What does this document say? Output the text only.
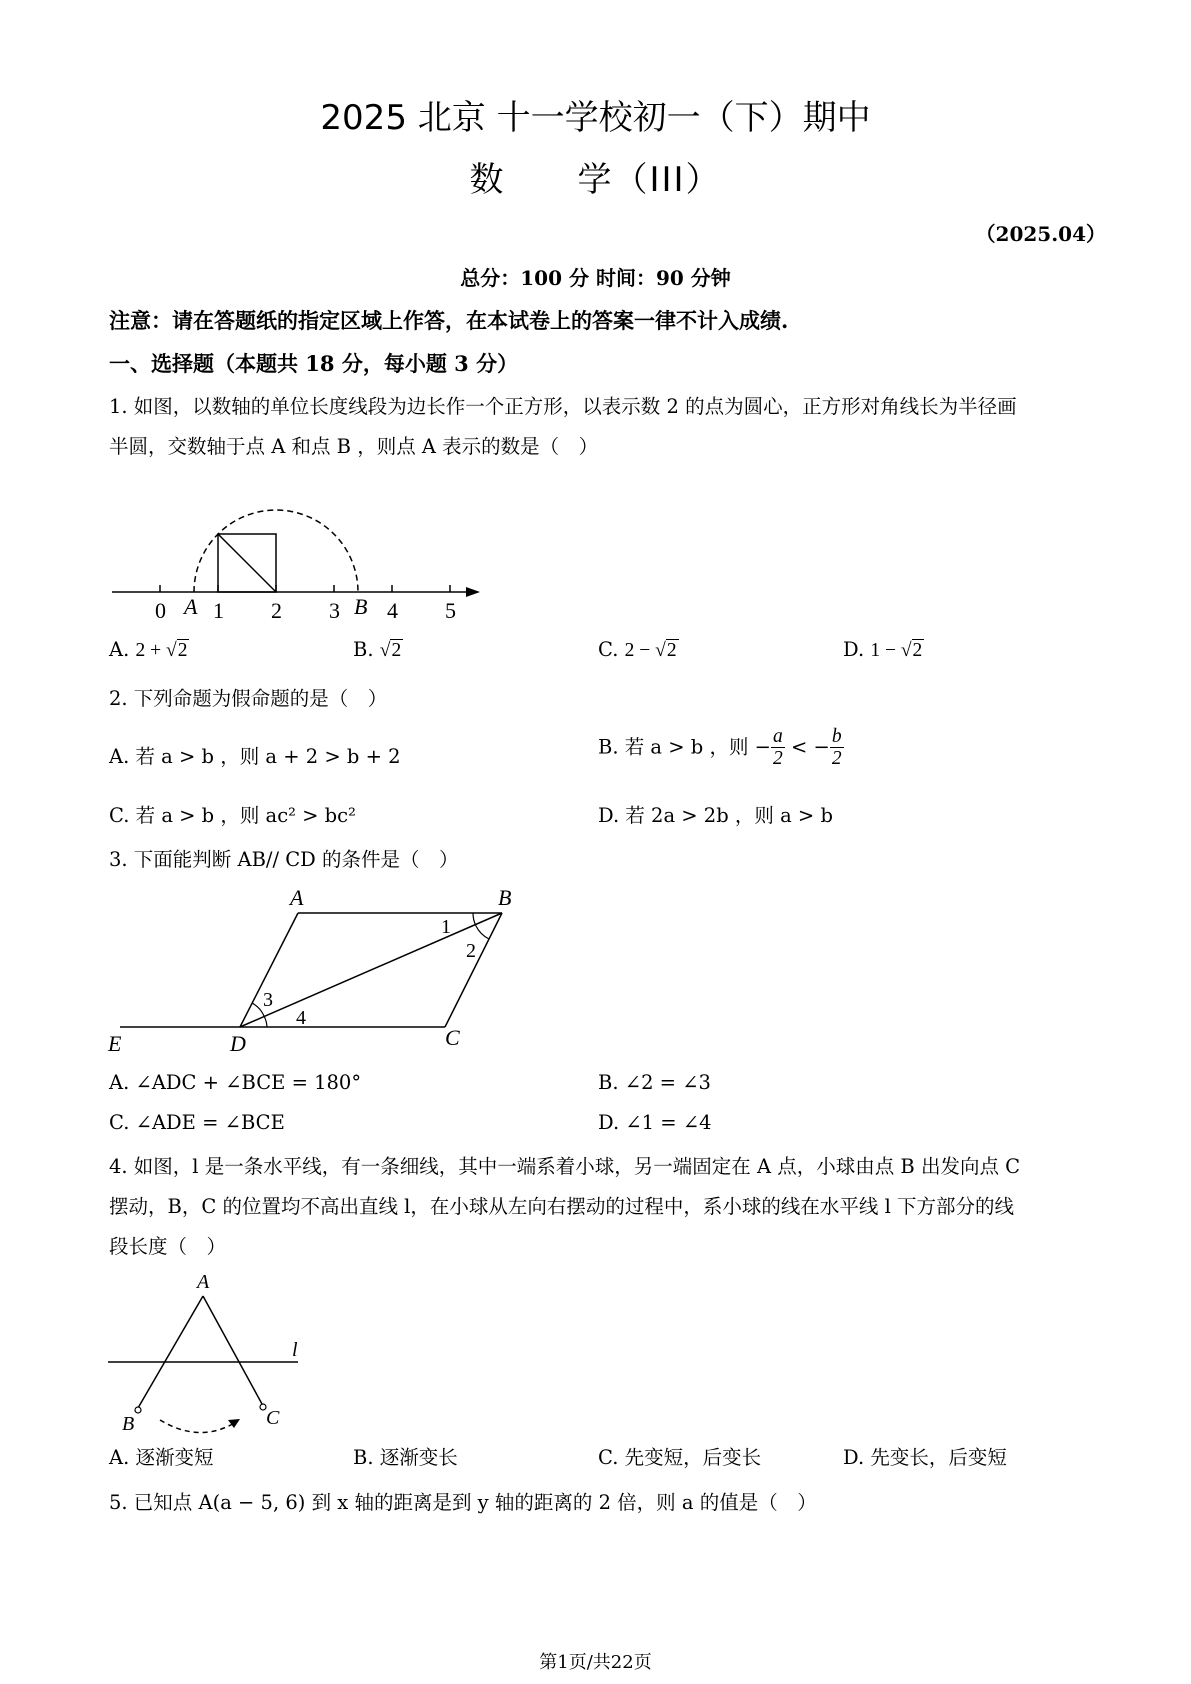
2025 北京 十一学校初一（下）期中
数　　学（III）
（2025.04）
总分：100 分 时间：90 分钟
注意：请在答题纸的指定区域上作答，在本试卷上的答案一律不计入成绩.
一、选择题（本题共 18 分，每小题 3 分）
1. 如图，以数轴的单位长度线段为边长作一个正方形，以表示数 2 的点为圆心，正方形对角线长为半径画
半圆，交数轴于点 A 和点 B ，则点 A 表示的数是（　）
0 A 1 2 3 B 4 5
A. 2 + √2	B. √2	C. 2 − √2	D. 1 − √2
2. 下列命题为假命题的是（　）
A. 若 a > b ，则 a + 2 > b + 2	B. 若 a > b ，则 − $\frac{a}{2}$ < − $\frac{b}{2}$
C. 若 a > b ，则 ac² > bc²	D. 若 2a > 2b ，则 a > b
3. 下面能判断 AB// CD 的条件是（　）
A	B
1
2
3
4
E	D	C
A. ∠ADC + ∠BCE = 180°	B. ∠2 = ∠3
C. ∠ADE = ∠BCE	D. ∠1 = ∠4
4. 如图，l 是一条水平线，有一条细线，其中一端系着小球，另一端固定在 A 点，小球由点 B 出发向点 C
摆动，B，C 的位置均不高出直线 l，在小球从左向右摆动的过程中，系小球的线在水平线 l 下方部分的线
段长度（　）
A
l
B	C
A. 逐渐变短	B. 逐渐变长	C. 先变短，后变长	D. 先变长，后变短
5. 已知点 A(a − 5, 6) 到 x 轴的距离是到 y 轴的距离的 2 倍，则 a 的值是（　）
第1页/共22页
